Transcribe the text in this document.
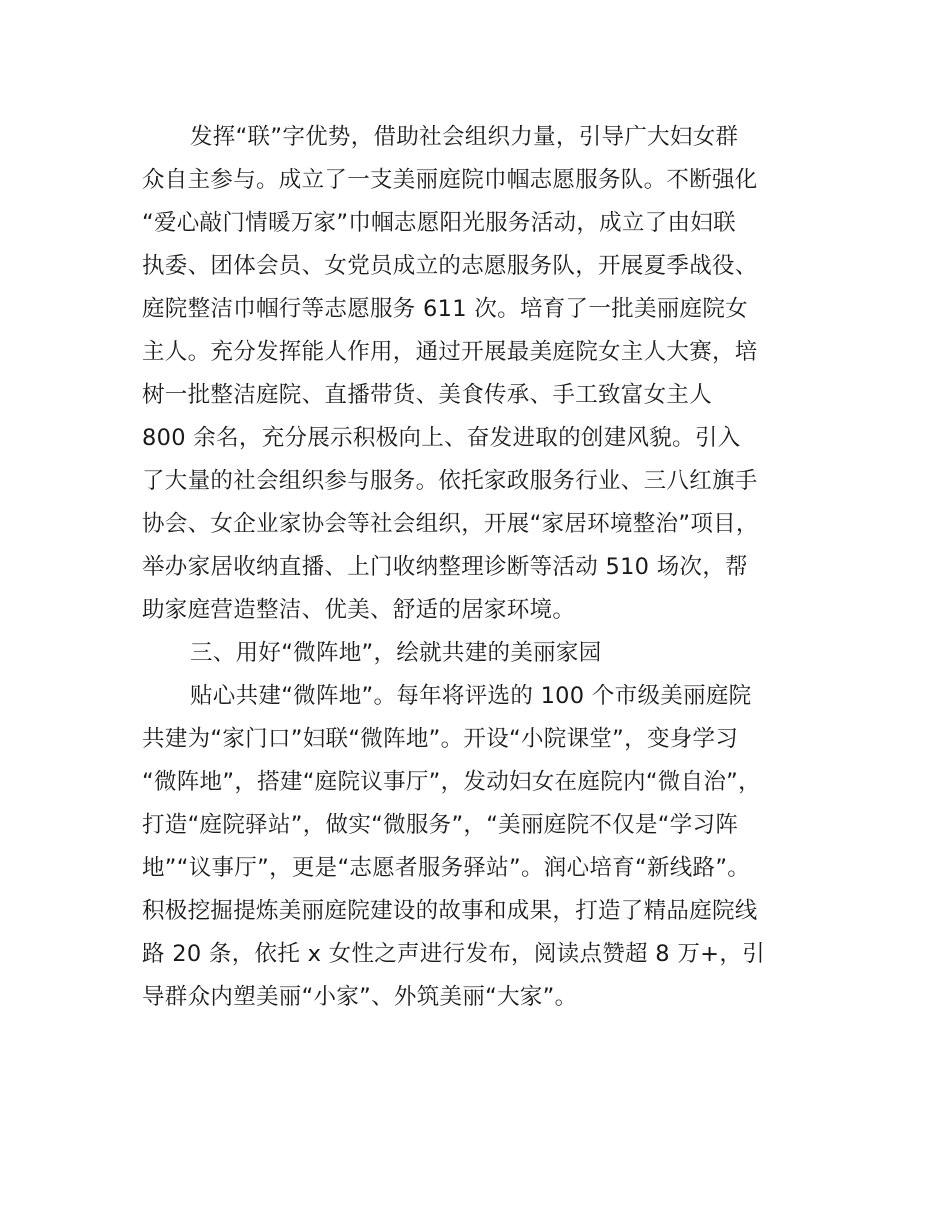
发挥“联”字优势，借助社会组织力量，引导广大妇女群
众自主参与。成立了一支美丽庭院巾帼志愿服务队。不断强化
“爱心敲门情暖万家”巾帼志愿阳光服务活动，成立了由妇联
执委、团体会员、女党员成立的志愿服务队，开展夏季战役、
庭院整洁巾帼行等志愿服务 611 次。培育了一批美丽庭院女
主人。充分发挥能人作用，通过开展最美庭院女主人大赛，培
树一批整洁庭院、直播带货、美食传承、手工致富女主人
800 余名，充分展示积极向上、奋发进取的创建风貌。引入
了大量的社会组织参与服务。依托家政服务行业、三八红旗手
协会、女企业家协会等社会组织，开展“家居环境整治”项目，
举办家居收纳直播、上门收纳整理诊断等活动 510 场次，帮
助家庭营造整洁、优美、舒适的居家环境。
三、用好“微阵地”，绘就共建的美丽家园
贴心共建“微阵地”。每年将评选的 100 个市级美丽庭院
共建为“家门口”妇联“微阵地”。开设“小院课堂”，变身学习
“微阵地”，搭建“庭院议事厅”，发动妇女在庭院内“微自治”，
打造“庭院驿站”，做实“微服务”，“美丽庭院不仅是“学习阵
地”“议事厅”，更是“志愿者服务驿站”。润心培育“新线路”。
积极挖掘提炼美丽庭院建设的故事和成果，打造了精品庭院线
路 20 条，依托 x 女性之声进行发布，阅读点赞超 8 万+，引
导群众内塑美丽“小家”、外筑美丽“大家”。
